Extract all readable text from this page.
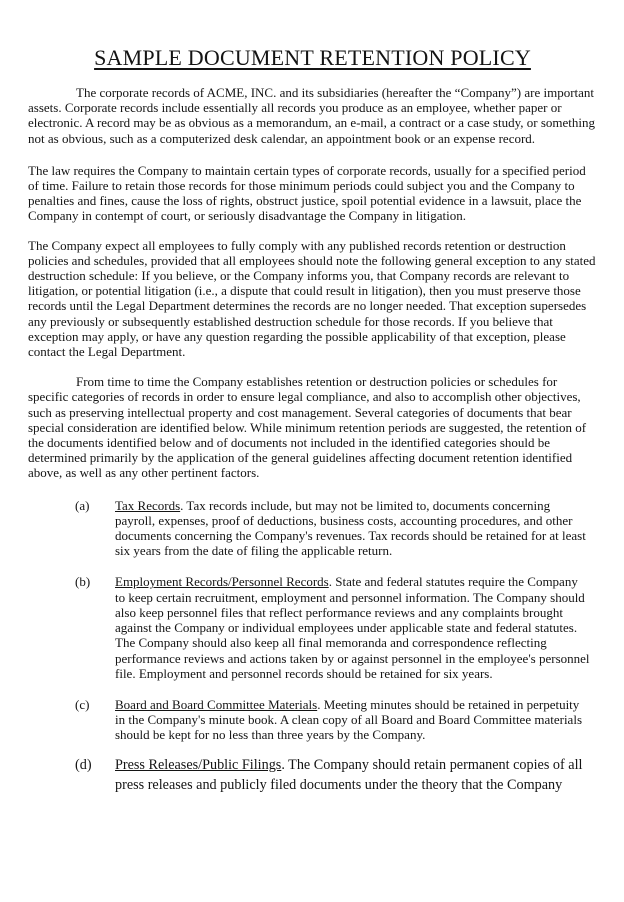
SAMPLE DOCUMENT RETENTION POLICY

The corporate records of ACME, INC. and its subsidiaries (hereafter the “Company”) are important assets. Corporate records include essentially all records you produce as an employee, whether paper or electronic. A record may be as obvious as a memorandum, an e-mail, a contract or a case study, or something not as obvious, such as a computerized desk calendar, an appointment book or an expense record.

The law requires the Company to maintain certain types of corporate records, usually for a specified period of time. Failure to retain those records for those minimum periods could subject you and the Company to penalties and fines, cause the loss of rights, obstruct justice, spoil potential evidence in a lawsuit, place the Company in contempt of court, or seriously disadvantage the Company in litigation.

The Company expect all employees to fully comply with any published records retention or destruction policies and schedules, provided that all employees should note the following general exception to any stated destruction schedule: If you believe, or the Company informs you, that Company records are relevant to litigation, or potential litigation (i.e., a dispute that could result in litigation), then you must preserve those records until the Legal Department determines the records are no longer needed. That exception supersedes any previously or subsequently established destruction schedule for those records. If you believe that exception may apply, or have any question regarding the possible applicability of that exception, please contact the Legal Department.

From time to time the Company establishes retention or destruction policies or schedules for specific categories of records in order to ensure legal compliance, and also to accomplish other objectives, such as preserving intellectual property and cost management. Several categories of documents that bear special consideration are identified below. While minimum retention periods are suggested, the retention of the documents identified below and of documents not included in the identified categories should be determined primarily by the application of the general guidelines affecting document retention identified above, as well as any other pertinent factors.

(a)	Tax Records. Tax records include, but may not be limited to, documents concerning payroll, expenses, proof of deductions, business costs, accounting procedures, and other documents concerning the Company's revenues. Tax records should be retained for at least six years from the date of filing the applicable return.
(b)	Employment Records/Personnel Records. State and federal statutes require the Company to keep certain recruitment, employment and personnel information. The Company should also keep personnel files that reflect performance reviews and any complaints brought against the Company or individual employees under applicable state and federal statutes. The Company should also keep all final memoranda and correspondence reflecting performance reviews and actions taken by or against personnel in the employee's personnel file. Employment and personnel records should be retained for six years.
(c)	Board and Board Committee Materials. Meeting minutes should be retained in perpetuity in the Company's minute book. A clean copy of all Board and Board Committee materials should be kept for no less than three years by the Company.
(d)	Press Releases/Public Filings. The Company should retain permanent copies of all press releases and publicly filed documents under the theory that the Company
